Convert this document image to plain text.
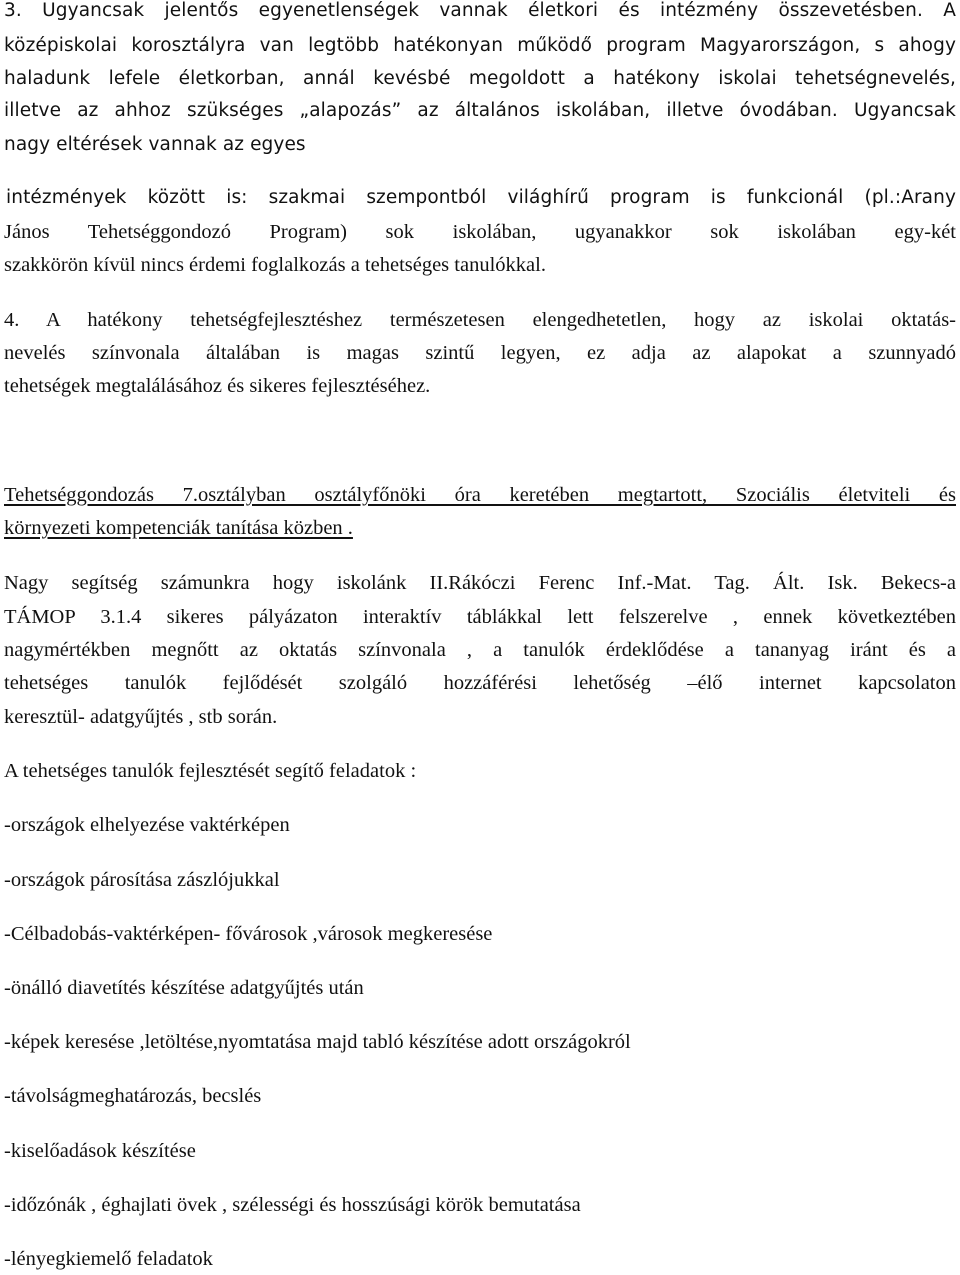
3. Ugyancsak jelentős egyenetlenségek vannak életkori és intézmény összevetésben. A
középiskolai korosztályra van legtöbb hatékonyan működő program Magyarországon, s ahogy
haladunk lefele életkorban, annál kevésbé megoldott a hatékony iskolai tehetségnevelés,
illetve az ahhoz szükséges „alapozás” az általános iskolában, illetve óvodában. Ugyancsak
nagy eltérések vannak az egyes
intézmények között is: szakmai szempontból világhírű program is funkcionál (pl.:Arany
János Tehetséggondozó Program) sok iskolában, ugyanakkor sok iskolában egy-két
szakkörön kívül nincs érdemi foglalkozás a tehetséges tanulókkal.
4. A hatékony tehetségfejlesztéshez természetesen elengedhetetlen, hogy az iskolai oktatás-
nevelés színvonala általában is magas szintű legyen, ez adja az alapokat a szunnyadó
tehetségek megtalálásához és sikeres fejlesztéséhez.
Tehetséggondozás 7.osztályban osztályfőnöki óra keretében megtartott, Szociális életviteli és
környezeti kompetenciák tanítása közben .
Nagy segítség számunkra hogy iskolánk II.Rákóczi Ferenc Inf.-Mat. Tag. Ált. Isk. Bekecs-a
TÁMOP 3.1.4 sikeres pályázaton interaktív táblákkal lett felszerelve , ennek következtében
nagymértékben megnőtt az oktatás színvonala , a tanulók érdeklődése a tananyag iránt és a
tehetséges tanulók fejlődését szolgáló hozzáférési lehetőség –élő internet kapcsolaton
keresztül- adatgyűjtés , stb során.
A tehetséges tanulók fejlesztését segítő feladatok :
-országok elhelyezése vaktérképen
-országok párosítása zászlójukkal
-Célbadobás-vaktérképen- fővárosok ,városok megkeresése
-önálló diavetítés készítése adatgyűjtés után
-képek keresése ,letöltése,nyomtatása majd tabló készítése adott országokról
-távolságmeghatározás, becslés
-kiselőadások készítése
-időzónák , éghajlati övek , szélességi és hosszúsági körök bemutatása
-lényegkiemelő feladatok
